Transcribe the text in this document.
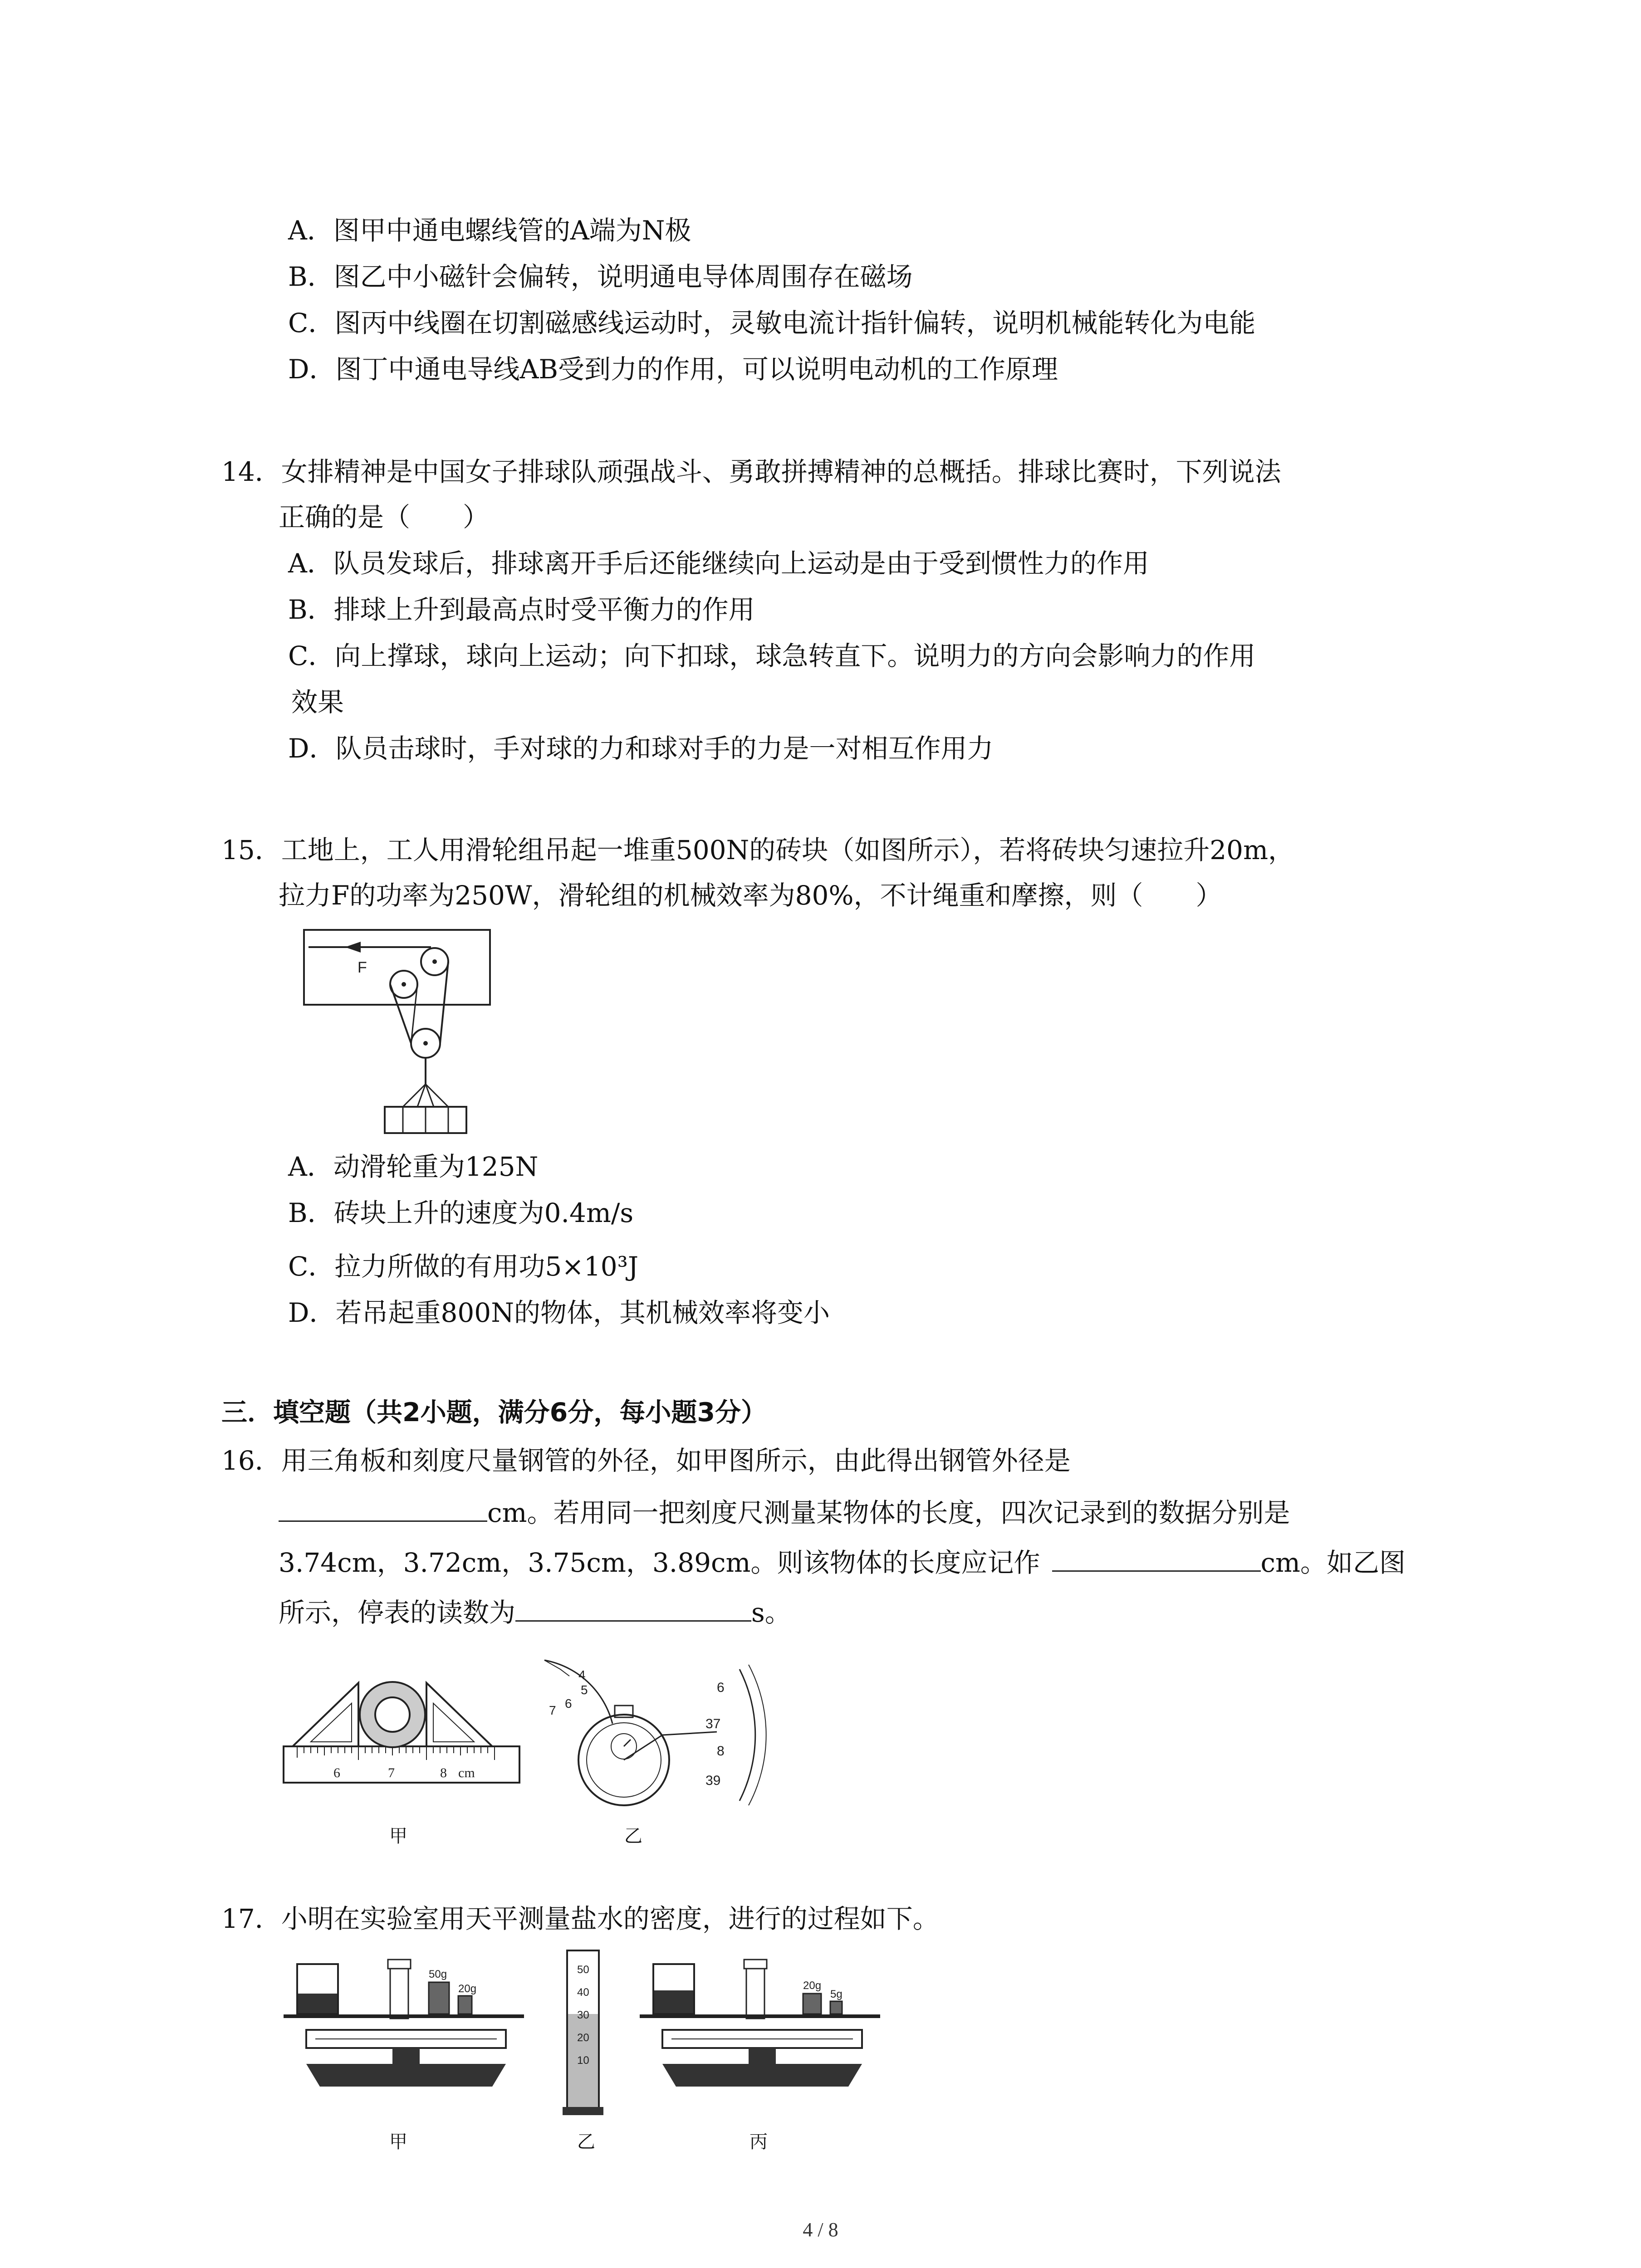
A．图甲中通电螺线管的A端为N极
B．图乙中小磁针会偏转，说明通电导体周围存在磁场
C．图丙中线圈在切割磁感线运动时，灵敏电流计指针偏转，说明机械能转化为电能
D．图丁中通电导线AB受到力的作用，可以说明电动机的工作原理
14．女排精神是中国女子排球队顽强战斗、勇敢拼搏精神的总概括。排球比赛时，下列说法
正确的是（　　）
A．队员发球后，排球离开手后还能继续向上运动是由于受到惯性力的作用
B．排球上升到最高点时受平衡力的作用
C．向上撑球，球向上运动；向下扣球，球急转直下。说明力的方向会影响力的作用
效果
D．队员击球时，手对球的力和球对手的力是一对相互作用力
15．工地上，工人用滑轮组吊起一堆重500N的砖块（如图所示），若将砖块匀速拉升20m，
拉力F的功率为250W，滑轮组的机械效率为80%，不计绳重和摩擦，则（　　）
F
A．动滑轮重为125N
B．砖块上升的速度为0.4m/s
C．拉力所做的有用功5×10³J
D．若吊起重800N的物体，其机械效率将变小
三．填空题（共2小题，满分6分，每小题3分）
16．用三角板和刻度尺量钢管的外径，如甲图所示，由此得出钢管外径是
cm。若用同一把刻度尺测量某物体的长度，四次记录到的数据分别是
3.74cm，3.72cm，3.75cm，3.89cm。则该物体的长度应记作	cm。如乙图
所示，停表的读数为	s。
6	7	8 cm
甲
4
5
6
7
6
37
8
39
乙
17．小明在实验室用天平测量盐水的密度，进行的过程如下。
50g
20g
甲
50
40
30
20
10
乙
20g
5g
丙
4 / 8
